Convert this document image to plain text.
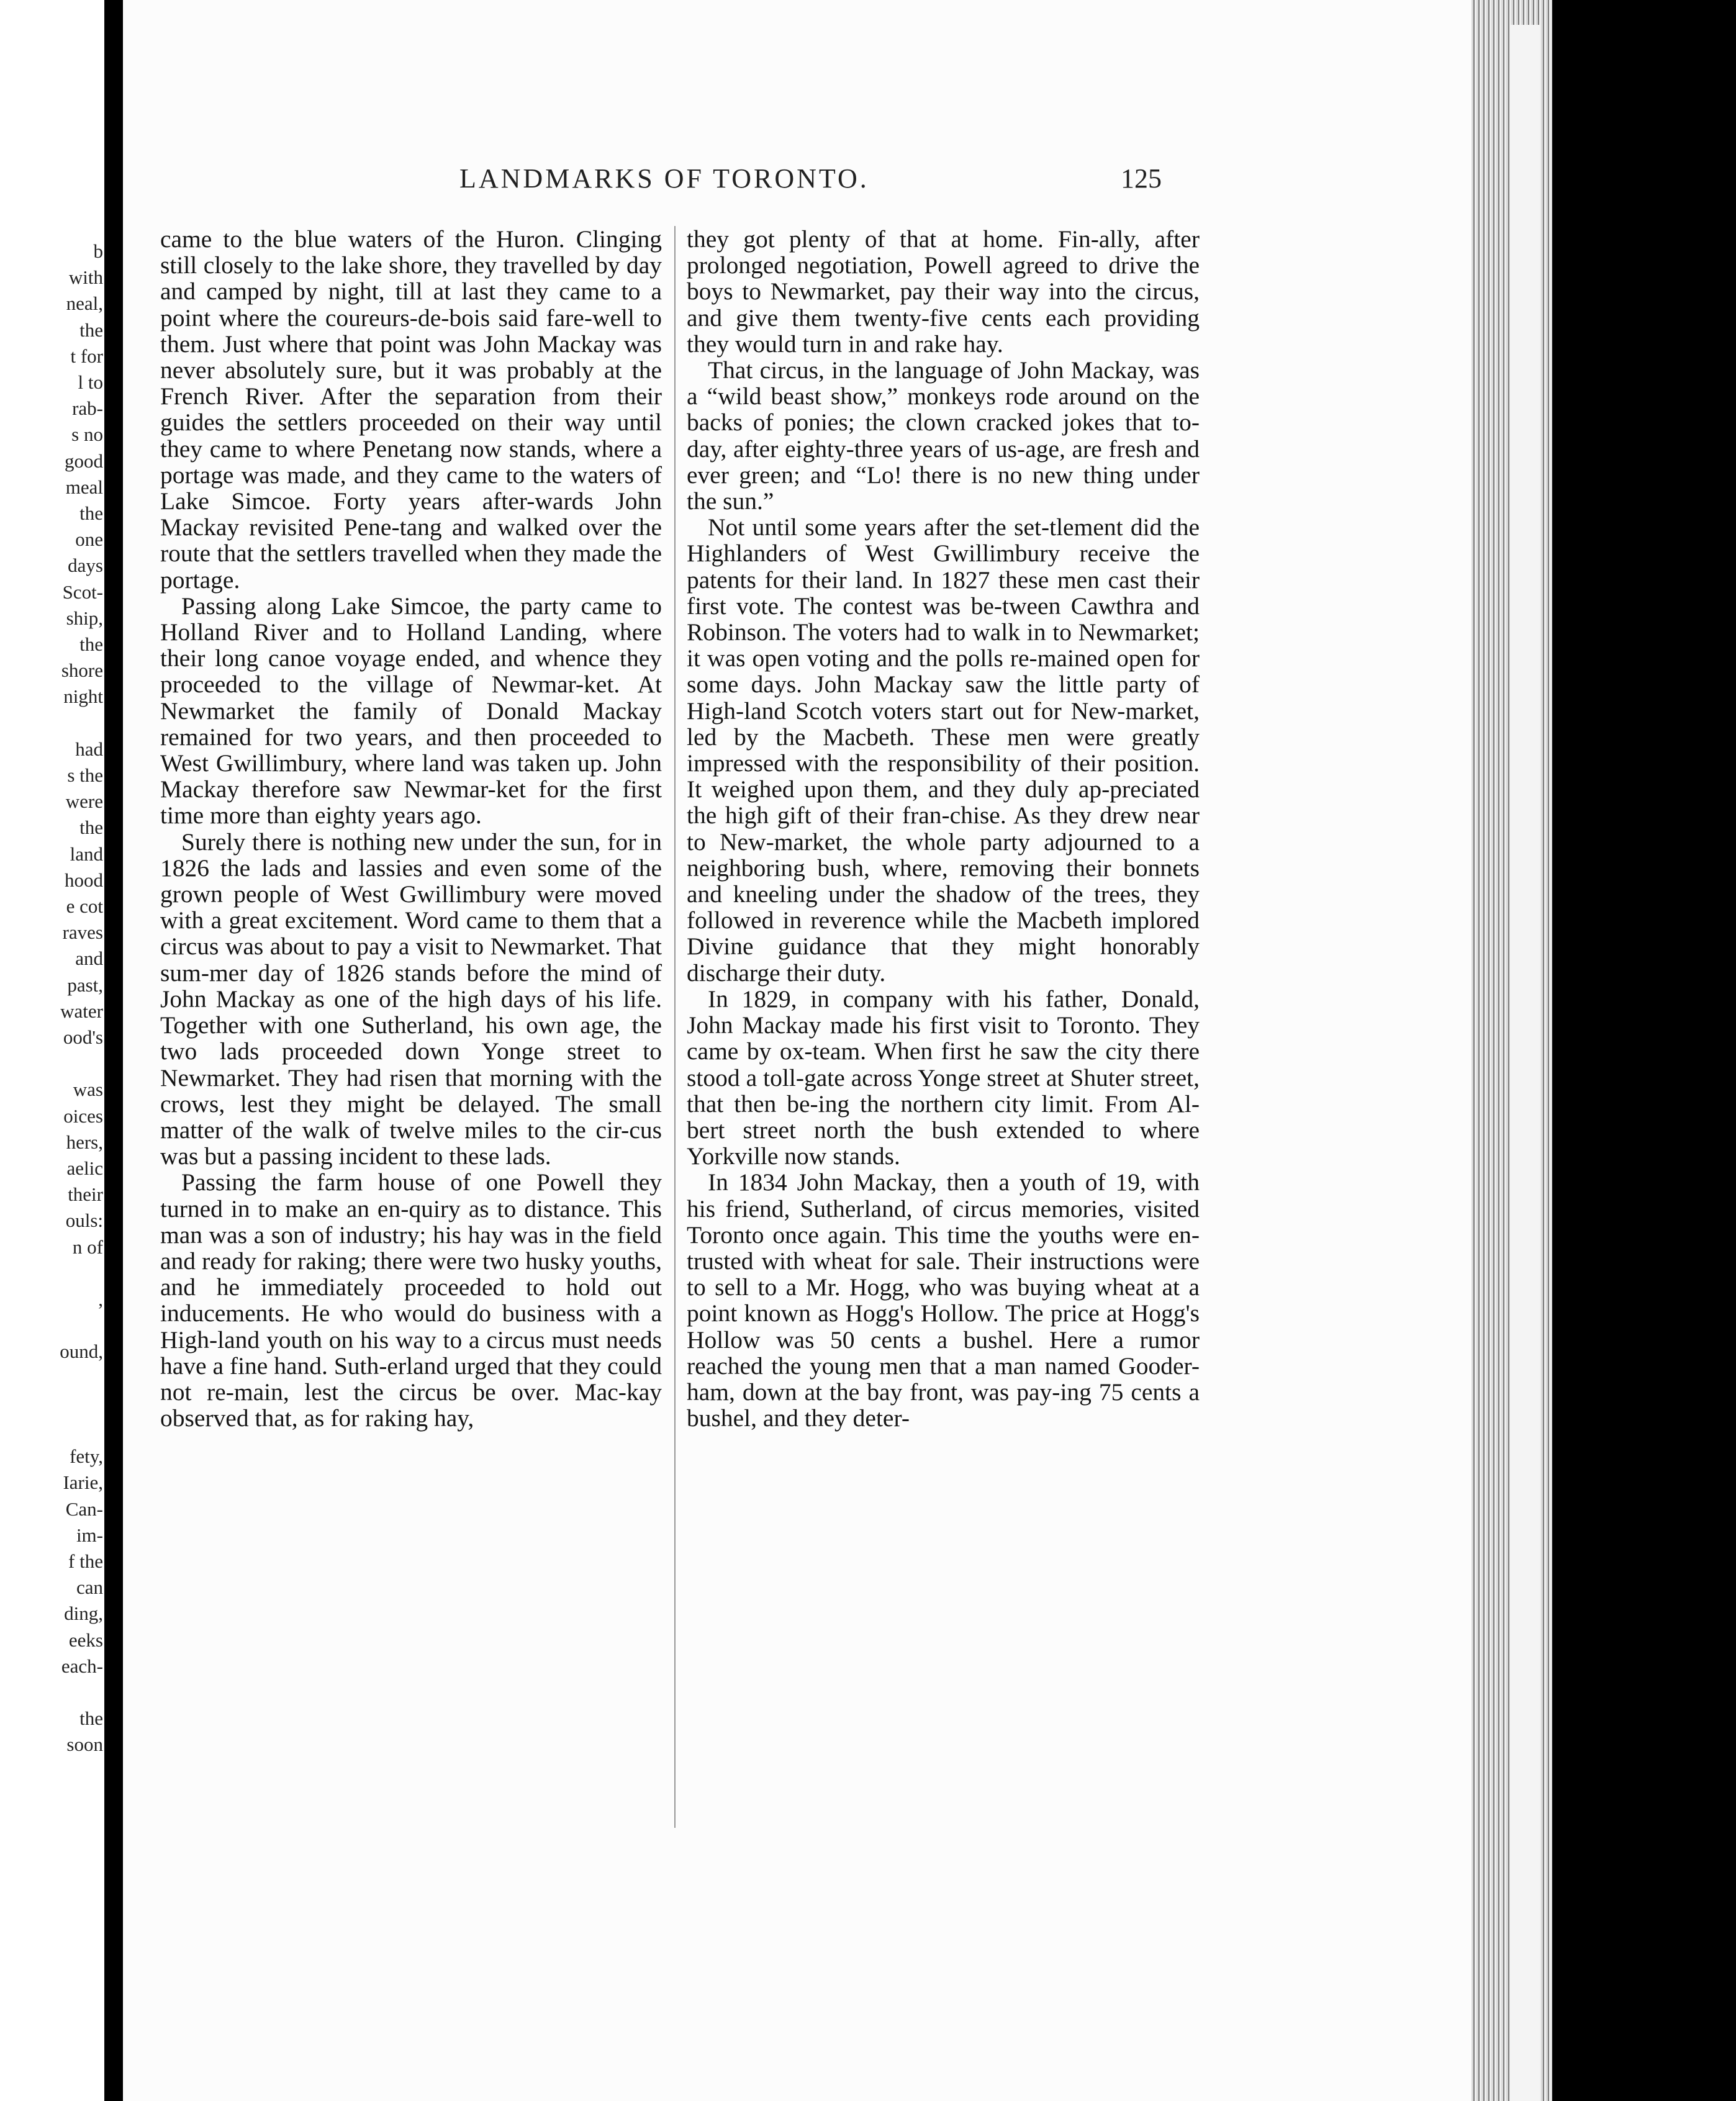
b
with
neal,
the
t for
l to
rab-
s no
good
meal
the
one
days
Scot-
ship,
the
shore
night
had
s the
were
the
land
hood
e cot
raves
and
past,
water
ood's
was
oices
hers,
aelic
their
ouls:
n of
,
ound,
fety,
Iarie,
Can-
im-
f the
can
ding,
eeks
each-
the
soon
LANDMARKS OF TORONTO.	125

came to the blue waters of the Huron. Clinging still closely to the lake shore, they travelled by day and camped by night, till at last they came to a point where the coureurs-de-bois said fare-well to them. Just where that point was John Mackay was never absolutely sure, but it was probably at the French River. After the separation from their guides the settlers proceeded on their way until they came to where Penetang now stands, where a portage was made, and they came to the waters of Lake Simcoe. Forty years after-wards John Mackay revisited Pene-tang and walked over the route that the settlers travelled when they made the portage.

Passing along Lake Simcoe, the party came to Holland River and to Holland Landing, where their long canoe voyage ended, and whence they proceeded to the village of Newmar-ket. At Newmarket the family of Donald Mackay remained for two years, and then proceeded to West Gwillimbury, where land was taken up. John Mackay therefore saw Newmar-ket for the first time more than eighty years ago.

Surely there is nothing new under the sun, for in 1826 the lads and lassies and even some of the grown people of West Gwillimbury were moved with a great excitement. Word came to them that a circus was about to pay a visit to Newmarket. That sum-mer day of 1826 stands before the mind of John Mackay as one of the high days of his life. Together with one Sutherland, his own age, the two lads proceeded down Yonge street to Newmarket. They had risen that morning with the crows, lest they might be delayed. The small matter of the walk of twelve miles to the cir-cus was but a passing incident to these lads.

Passing the farm house of one Powell they turned in to make an en-quiry as to distance. This man was a son of industry; his hay was in the field and ready for raking; there were two husky youths, and he immediately proceeded to hold out inducements. He who would do business with a High-land youth on his way to a circus must needs have a fine hand. Suth-erland urged that they could not re-main, lest the circus be over. Mac-kay observed that, as for raking hay,

they got plenty of that at home. Fin-ally, after prolonged negotiation, Powell agreed to drive the boys to Newmarket, pay their way into the circus, and give them twenty-five cents each providing they would turn in and rake hay.

That circus, in the language of John Mackay, was a “wild beast show,” monkeys rode around on the backs of ponies; the clown cracked jokes that to-day, after eighty-three years of us-age, are fresh and ever green; and “Lo! there is no new thing under the sun.”

Not until some years after the set-tlement did the Highlanders of West Gwillimbury receive the patents for their land. In 1827 these men cast their first vote. The contest was be-tween Cawthra and Robinson. The voters had to walk in to Newmarket; it was open voting and the polls re-mained open for some days. John Mackay saw the little party of High-land Scotch voters start out for New-market, led by the Macbeth. These men were greatly impressed with the responsibility of their position. It weighed upon them, and they duly ap-preciated the high gift of their fran-chise. As they drew near to New-market, the whole party adjourned to a neighboring bush, where, removing their bonnets and kneeling under the shadow of the trees, they followed in reverence while the Macbeth implored Divine guidance that they might honorably discharge their duty.

In 1829, in company with his father, Donald, John Mackay made his first visit to Toronto. They came by ox-team. When first he saw the city there stood a toll-gate across Yonge street at Shuter street, that then be-ing the northern city limit. From Al-bert street north the bush extended to where Yorkville now stands.

In 1834 John Mackay, then a youth of 19, with his friend, Sutherland, of circus memories, visited Toronto once again. This time the youths were en-trusted with wheat for sale. Their instructions were to sell to a Mr. Hogg, who was buying wheat at a point known as Hogg's Hollow. The price at Hogg's Hollow was 50 cents a bushel. Here a rumor reached the young men that a man named Gooder-ham, down at the bay front, was pay-ing 75 cents a bushel, and they deter-
